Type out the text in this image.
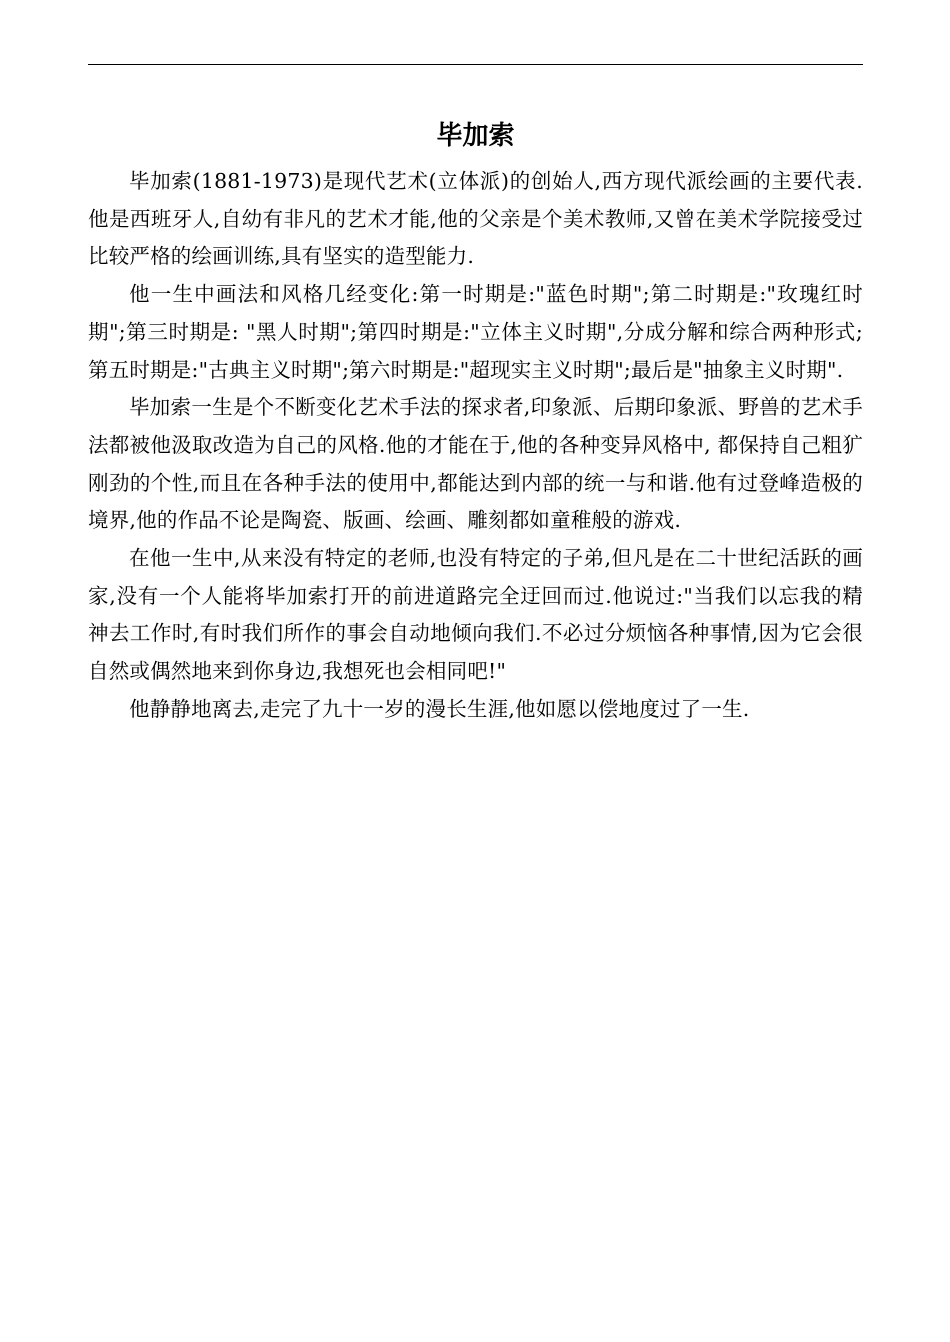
毕加索

毕加索(1881-1973)是现代艺术(立体派)的创始人,西方现代派绘画的主要代表.他是西班牙人,自幼有非凡的艺术才能,他的父亲是个美术教师,又曾在美术学院接受过比较严格的绘画训练,具有坚实的造型能力.

他一生中画法和风格几经变化:第一时期是:"蓝色时期";第二时期是:"玫瑰红时期";第三时期是: "黑人时期";第四时期是:"立体主义时期",分成分解和综合两种形式;第五时期是:"古典主义时期";第六时期是:"超现实主义时期";最后是"抽象主义时期".

毕加索一生是个不断变化艺术手法的探求者,印象派、后期印象派、野兽的艺术手法都被他汲取改造为自己的风格.他的才能在于,他的各种变异风格中, 都保持自己粗犷刚劲的个性,而且在各种手法的使用中,都能达到内部的统一与和谐.他有过登峰造极的境界,他的作品不论是陶瓷、版画、绘画、雕刻都如童稚般的游戏.

在他一生中,从来没有特定的老师,也没有特定的子弟,但凡是在二十世纪活跃的画家,没有一个人能将毕加索打开的前进道路完全迂回而过.他说过:"当我们以忘我的精神去工作时,有时我们所作的事会自动地倾向我们.不必过分烦恼各种事情,因为它会很自然或偶然地来到你身边,我想死也会相同吧!"

他静静地离去,走完了九十一岁的漫长生涯,他如愿以偿地度过了一生.
